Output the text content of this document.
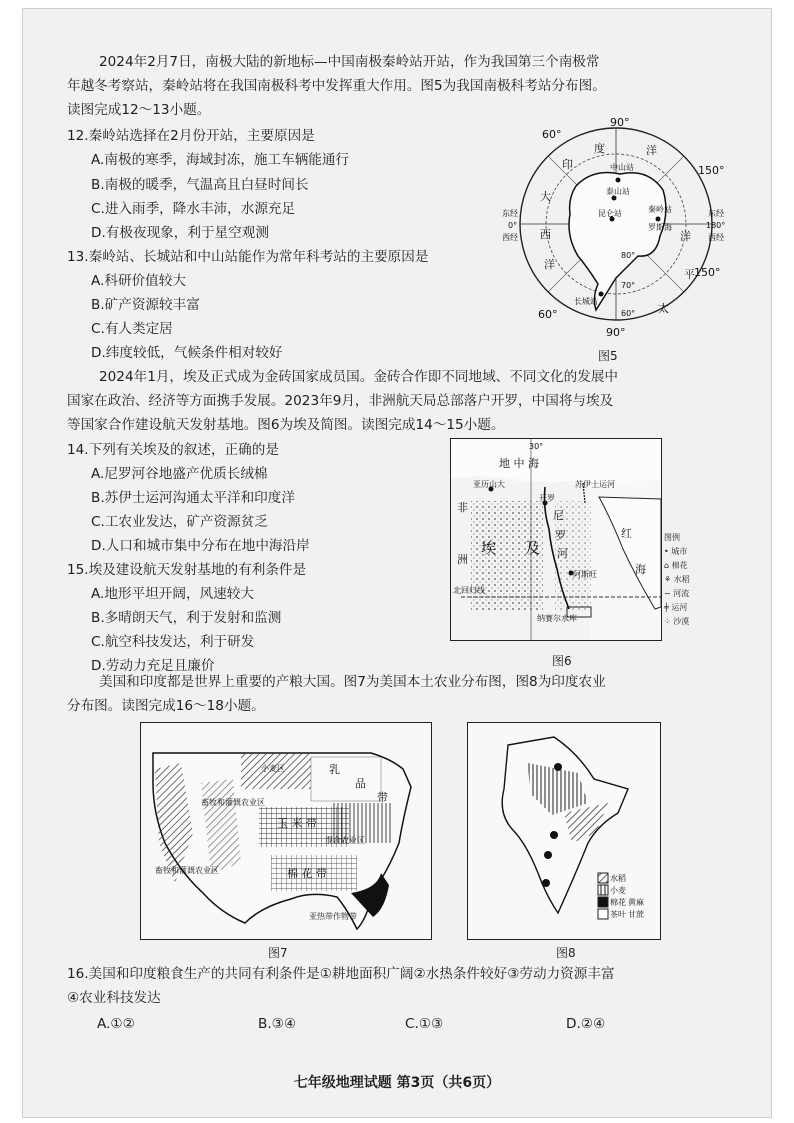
2024年2月7日，南极大陆的新地标—中国南极秦岭站开站，作为我国第三个南极常

年越冬考察站，秦岭站将在我国南极科考中发挥重大作用。图5为我国南极科考站分布图。

读图完成12～13小题。

12.秦岭站选择在2月份开站，主要原因是
A.南极的寒季，海域封冻，施工车辆能通行
B.南极的暖季，气温高且白昼时间长
C.进入雨季，降水丰沛，水源充足
D.有极夜现象，利于星空观测
13.秦岭站、长城站和中山站能作为常年科考站的主要原因是
A.科研价值较大
B.矿产资源较丰富
C.有人类定居
D.纬度较低，气候条件相对较好
90°
90°
60°
60°
150°
150°
东经
0°
西经
东经
180°
西经
印
度	洋
大
西
洋
洋
平
太
中山站
泰山站
昆仑站	秦岭站
罗斯海
长城站
80°
70°
60°
图5

2024年1月，埃及正式成为金砖国家成员国。金砖合作即不同地域、不同文化的发展中

国家在政治、经济等方面携手发展。2023年9月，非洲航天局总部落户开罗，中国将与埃及

等国家合作建设航天发射基地。图6为埃及简图。读图完成14～15小题。

14.下列有关埃及的叙述，正确的是
A.尼罗河谷地盛产优质长绒棉
B.苏伊士运河沟通太平洋和印度洋
C.工农业发达，矿产资源贫乏
D.人口和城市集中分布在地中海沿岸
15.埃及建设航天发射基地的有利条件是
A.地形平坦开阔，风速较大
B.多晴朗天气，利于发射和监测
C.航空科技发达，利于研发
D.劳动力充足且廉价
30°
地 中 海
亚历山大	苏伊士运河
开罗
尼
罗
河
红
海
非
洲
埃 及
阿斯旺
纳赛尔水库
北回归线
图例
• 城市
⌂ 棉花
⚘ 水稻
∽ 河流
╪ 运河
⁘ 沙漠
图6

美国和印度都是世界上重要的产粮大国。图7为美国本土农业分布图，图8为印度农业

分布图。读图完成16～18小题。

小麦区	乳
品
带
玉 米 带
混合农业区
棉 花 带
亚热带作物带
畜牧和灌溉农业区
畜牧和灌溉农业区
图7
水 稻
小 麦
棉 花
茶 叶
黄 麻
甘 蔗
图8
16.美国和印度粮食生产的共同有利条件是①耕地面积广阔②水热条件较好③劳动力资源丰富
④农业科技发达
A.①②	B.③④	C.①③	D.②④
七年级地理试题 第3页（共6页）
